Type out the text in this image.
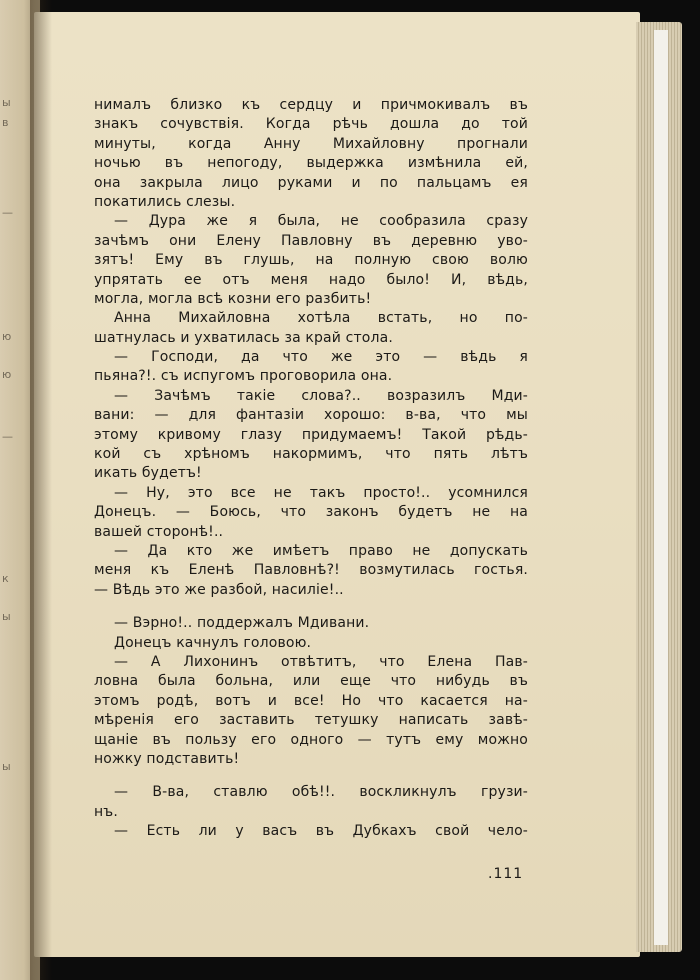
ы
в
—
ю
ю
—
к
ы
ы
нималъ близко къ сердцу и причмокивалъ въ
знакъ сочувствія. Когда рѣчь дошла до той
минуты, когда Анну Михайловну прогнали
ночью въ непогоду, выдержка измѣнила ей,
она закрыла лицо руками и по пальцамъ ея
покатились слезы.
— Дура же я была, не сообразила сразу
зачѣмъ они Елену Павловну въ деревню уво-
зятъ! Ему въ глушь, на полную свою волю
упрятать ее отъ меня надо было! И, вѣдь,
могла, могла всѣ козни его разбить!
Анна Михайловна хотѣла встать, но по-
шатнулась и ухватилась за край стола.
— Господи, да что же это — вѣдь я
пьяна?!. съ испугомъ проговорила она.
— Зачѣмъ такіе слова?.. возразилъ Мди-
вани: — для фантазіи хорошо: в-ва, что мы
этому кривому глазу придумаемъ! Такой рѣдь-
кой съ хрѣномъ накормимъ, что пять лѣтъ
икать будетъ!
— Ну, это все не такъ просто!.. усомнился
Донецъ. — Боюсь, что законъ будетъ не на
вашей сторонѣ!..
— Да кто же имѣетъ право не допускать
меня къ Еленѣ Павловнѣ?! возмутилась гостья.
— Вѣдь это же разбой, насиліе!..
— Вэрно!.. поддержалъ Мдивани.
Донецъ качнулъ головою.
— А Лихонинъ отвѣтитъ, что Елена Пав-
ловна была больна, или еще что нибудь въ
этомъ родѣ, вотъ и все! Но что касается на-
мѣренія его заставить тетушку написать завѣ-
щаніе въ пользу его одного — тутъ ему можно
ножку подставить!
— В-ва, ставлю обѣ!!. воскликнулъ грузи-
нъ.
— Есть ли у васъ въ Дубкахъ свой чело-
.111
